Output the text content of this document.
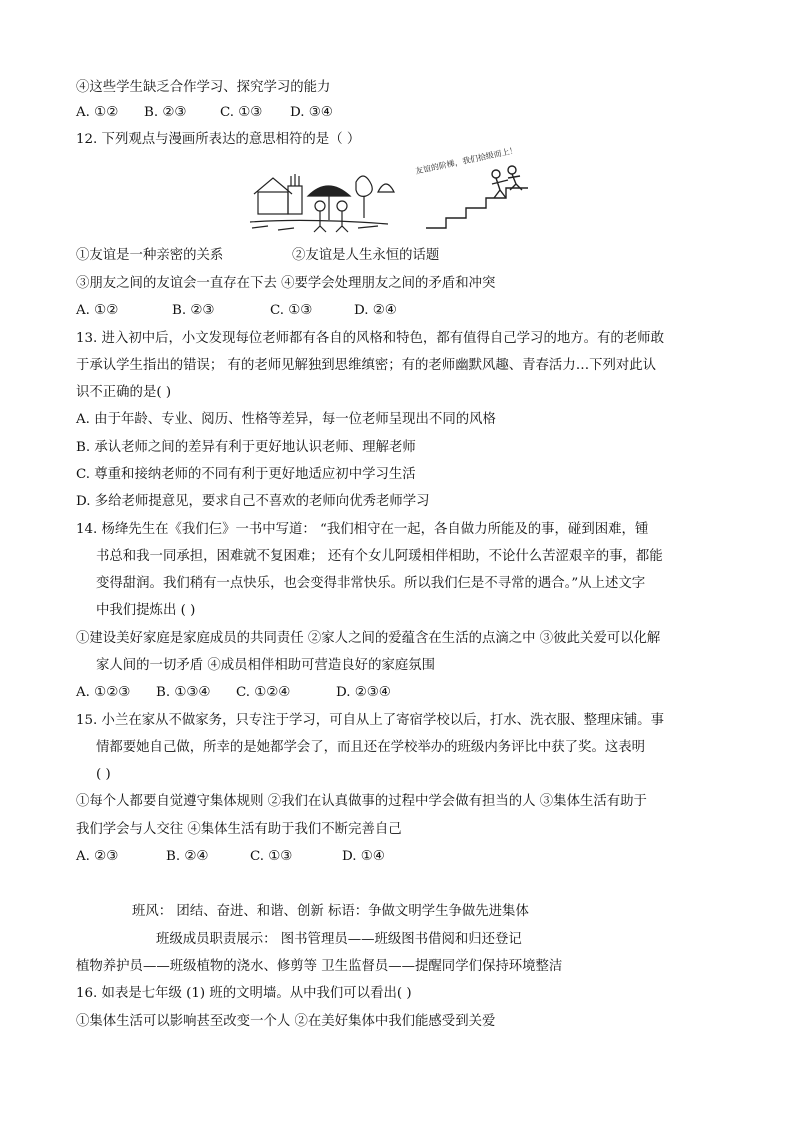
④这些学生缺乏合作学习、探究学习的能力
A. ①② B. ②③	C. ①③ D. ③④
12. 下列观点与漫画所表达的意思相符的是（ ）
友谊的阶梯，我们拾级而上！
①友谊是一种亲密的关系	②友谊是人生永恒的话题
③朋友之间的友谊会一直存在下去 ④要学会处理朋友之间的矛盾和冲突
A. ①②	B. ②③	C. ①③	D. ②④
13. 进入初中后，小文发现每位老师都有各自的风格和特色，都有值得自己学习的地方。有的老师敢
于承认学生指出的错误； 有的老师见解独到思维缜密；有的老师幽默风趣、青春活力…下列对此认
识不正确的是( )
A. 由于年龄、专业、阅历、性格等差异，每一位老师呈现出不同的风格
B. 承认老师之间的差异有利于更好地认识老师、理解老师
C. 尊重和接纳老师的不同有利于更好地适应初中学习生活
D. 多给老师提意见，要求自己不喜欢的老师向优秀老师学习
14. 杨绛先生在《我们仨》一书中写道： “我们相守在一起，各自做力所能及的事，碰到困难，锺
书总和我一同承担，困难就不复困难； 还有个女儿阿瑗相伴相助，不论什么苦涩艰辛的事，都能
变得甜润。我们稍有一点快乐，也会变得非常快乐。所以我们仨是不寻常的遇合。”从上述文字
中我们提炼出 ( )
①建设美好家庭是家庭成员的共同责任 ②家人之间的爱蕴含在生活的点滴之中 ③彼此关爱可以化解
家人间的一切矛盾 ④成员相伴相助可营造良好的家庭氛围
A. ①②③ B. ①③④ C. ①②④	D. ②③④
15. 小兰在家从不做家务，只专注于学习，可自从上了寄宿学校以后，打水、洗衣服、整理床铺。事
情都要她自己做，所幸的是她都学会了，而且还在学校举办的班级内务评比中获了奖。这表明
( )
①每个人都要自觉遵守集体规则 ②我们在认真做事的过程中学会做有担当的人 ③集体生活有助于
我们学会与人交往 ④集体生活有助于我们不断完善自己
A. ②③	B. ②④	C. ①③	D. ①④
班风： 团结、奋进、和谐、创新 标语：争做文明学生争做先进集体
班级成员职责展示： 图书管理员——班级图书借阅和归还登记
植物养护员——班级植物的浇水、修剪等 卫生监督员——提醒同学们保持环境整洁
16. 如表是七年级 (1) 班的文明墙。从中我们可以看出( )
①集体生活可以影响甚至改变一个人 ②在美好集体中我们能感受到关爱
